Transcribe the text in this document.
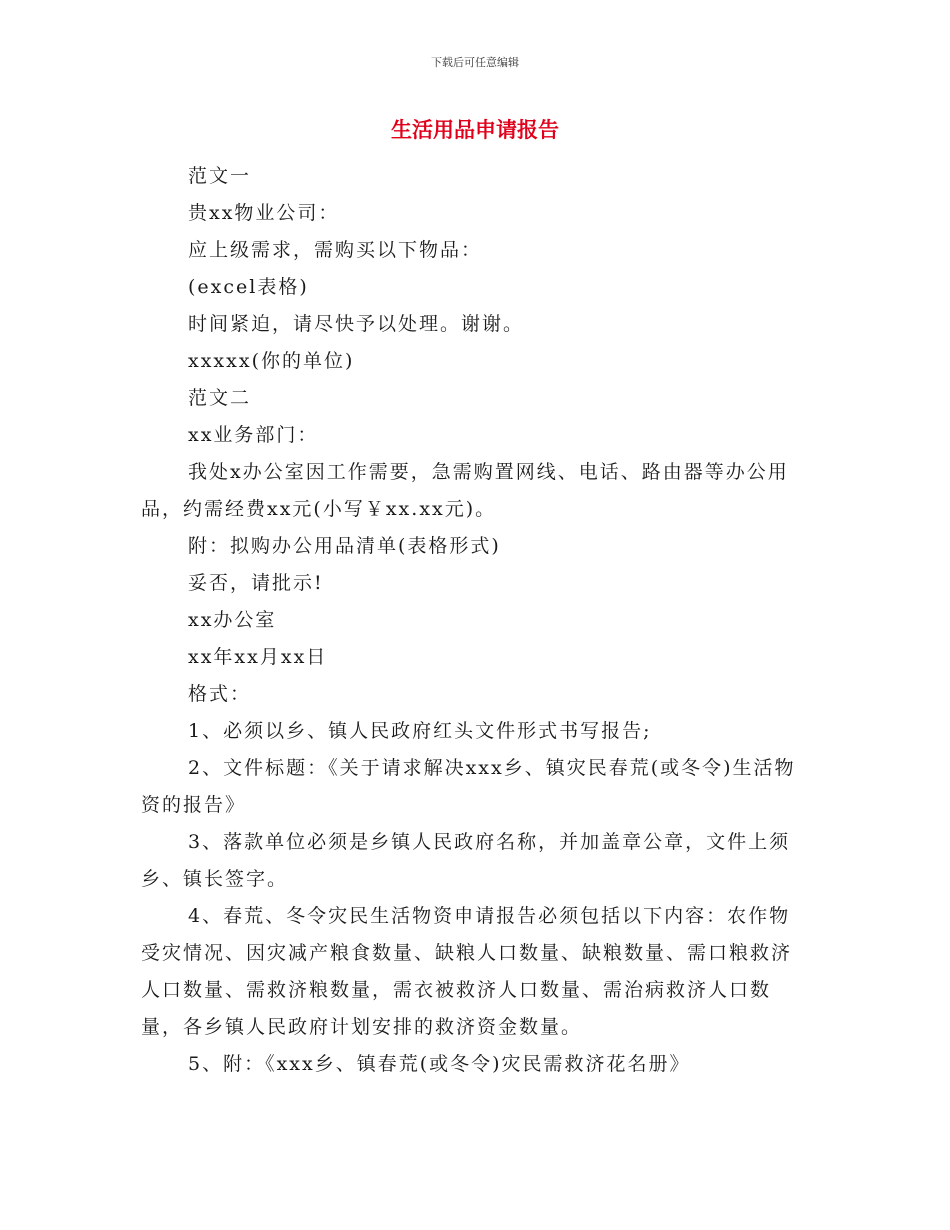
下载后可任意编辑
生活用品申请报告

范文一

贵xx物业公司：

应上级需求，需购买以下物品：

(excel表格)

时间紧迫，请尽快予以处理。谢谢。

xxxxx(你的单位)

范文二

xx业务部门：

我处x办公室因工作需要，急需购置网线、电话、路由器等办公用品，约需经费xx元(小写￥xx.xx元)。

附：拟购办公用品清单(表格形式)

妥否，请批示!

xx办公室

xx年xx月xx日

格式：

1、必须以乡、镇人民政府红头文件形式书写报告;

2、文件标题：《关于请求解决xxx乡、镇灾民春荒(或冬令)生活物资的报告》

3、落款单位必须是乡镇人民政府名称，并加盖章公章，文件上须乡、镇长签字。

4、春荒、冬令灾民生活物资申请报告必须包括以下内容：农作物受灾情况、因灾减产粮食数量、缺粮人口数量、缺粮数量、需口粮救济人口数量、需救济粮数量，需衣被救济人口数量、需治病救济人口数量，各乡镇人民政府计划安排的救济资金数量。

5、附：《xxx乡、镇春荒(或冬令)灾民需救济花名册》
